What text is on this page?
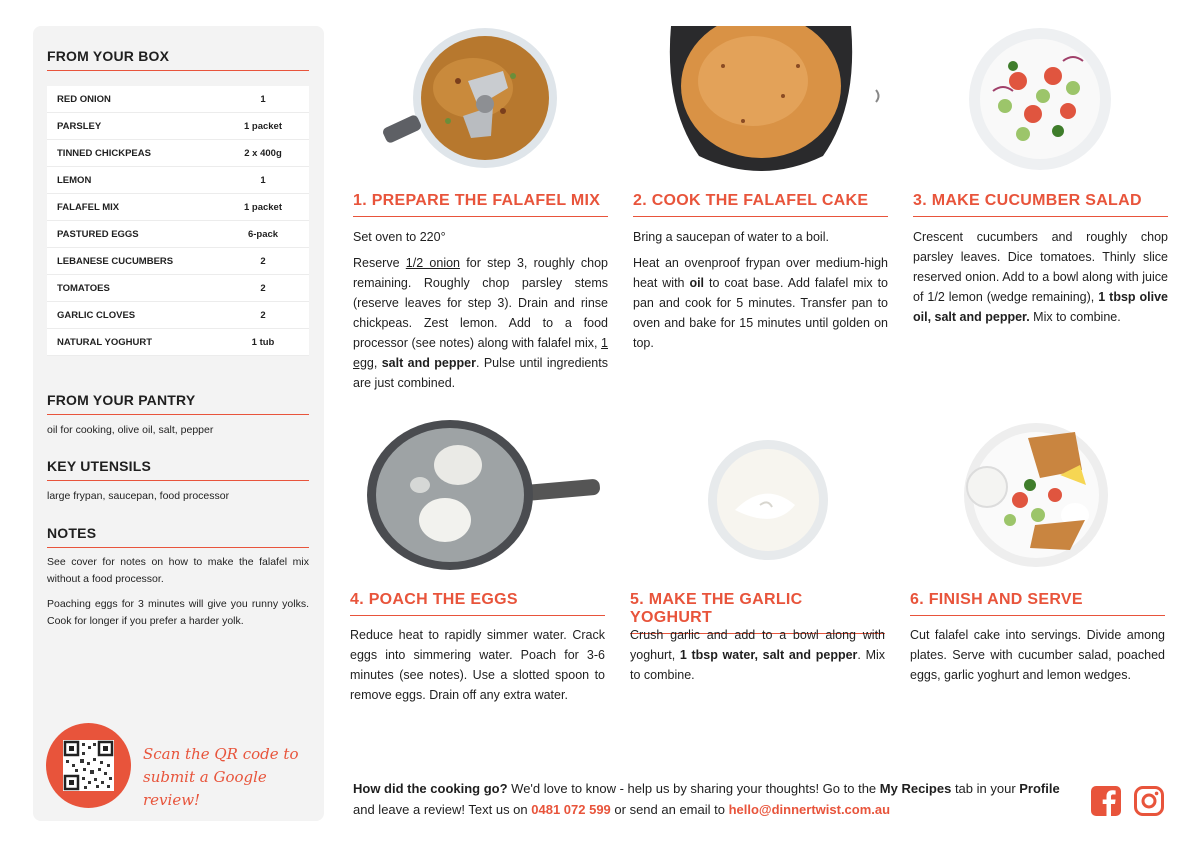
FROM YOUR BOX
RED ONION	1
PARSLEY	1 packet
TINNED CHICKPEAS	2 x 400g
LEMON	1
FALAFEL MIX	1 packet
PASTURED EGGS	6-pack
LEBANESE CUCUMBERS	2
TOMATOES	2
GARLIC CLOVES	2
NATURAL YOGHURT	1 tub
FROM YOUR PANTRY
oil for cooking, olive oil, salt, pepper
KEY UTENSILS
large frypan, saucepan, food processor
NOTES
See cover for notes on how to make the falafel mix without a food processor.
Poaching eggs for 3 minutes will give you runny yolks. Cook for longer if you prefer a harder yolk.
Scan the QR code to
submit a Google review!
1. PREPARE THE FALAFEL MIX

Set oven to 220°

Reserve 1/2 onion for step 3, roughly chop remaining. Roughly chop parsley stems (reserve leaves for step 3). Drain and rinse chickpeas. Zest lemon. Add to a food processor (see notes) along with falafel mix, 1 egg, salt and pepper. Pulse until ingredients are just combined.

2. COOK THE FALAFEL CAKE

Bring a saucepan of water to a boil.

Heat an ovenproof frypan over medium-high heat with oil to coat base. Add falafel mix to pan and cook for 5 minutes. Transfer pan to oven and bake for 15 minutes until golden on top.

3. MAKE CUCUMBER SALAD

Crescent cucumbers and roughly chop parsley leaves. Dice tomatoes. Thinly slice reserved onion. Add to a bowl along with juice of 1/2 lemon (wedge remaining), 1 tbsp olive oil, salt and pepper. Mix to combine.

4. POACH THE EGGS

Reduce heat to rapidly simmer water. Crack eggs into simmering water. Poach for 3-6 minutes (see notes). Use a slotted spoon to remove eggs. Drain off any extra water.

5. MAKE THE GARLIC YOGHURT

Crush garlic and add to a bowl along with yoghurt, 1 tbsp water, salt and pepper. Mix to combine.

6. FINISH AND SERVE

Cut falafel cake into servings. Divide among plates. Serve with cucumber salad, poached eggs, garlic yoghurt and lemon wedges.

How did the cooking go? We'd love to know - help us by sharing your thoughts! Go to the My Recipes tab in your Profile and leave a review! Text us on 0481 072 599 or send an email to hello@dinnertwist.com.au
